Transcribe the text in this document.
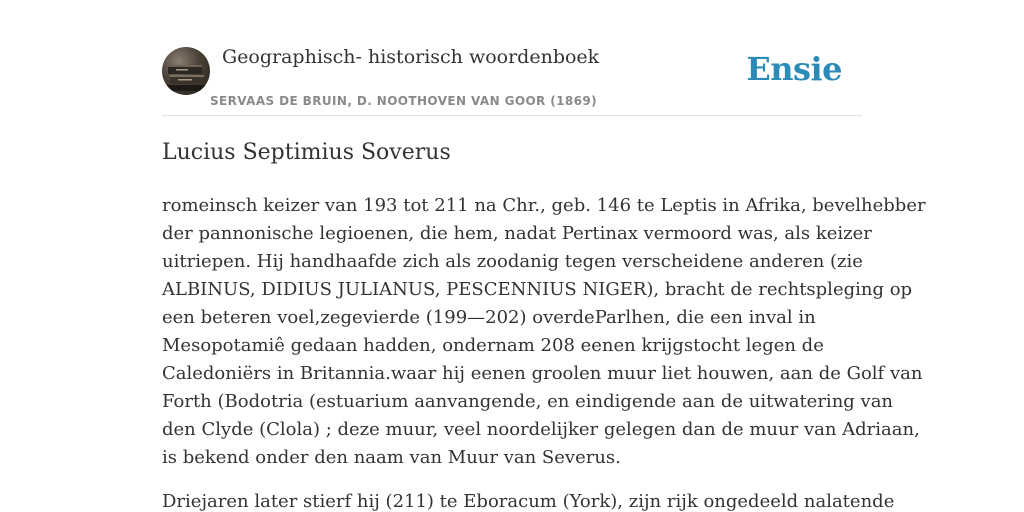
Geographisch- historisch woordenboek
SERVAAS DE BRUIN, D. NOOTHOVEN VAN GOOR (1869)
Ensie
Lucius Septimius Soverus

romeinsch keizer van 193 tot 211 na Chr., geb. 146 te Leptis in Afrika, bevelhebber
der pannonische legioenen, die hem, nadat Pertinax vermoord was, als keizer
uitriepen. Hij handhaafde zich als zoodanig tegen verscheidene anderen (zie
ALBINUS, DIDIUS JULIANUS, PESCENNIUS NIGER), bracht de rechtspleging op
een beteren voel,zegevierde (199—202) overdeParlhen, die een inval in
Mesopotamiê gedaan hadden, ondernam 208 eenen krijgstocht legen de
Caledoniërs in Britannia.waar hij eenen groolen muur liet houwen, aan de Golf van
Forth (Bodotria (estuarium aanvangende, en eindigende aan de uitwatering van
den Clyde (Clola) ; deze muur, veel noordelijker gelegen dan de muur van Adriaan,
is bekend onder den naam van Muur van Severus.

Driejaren later stierf hij (211) te Eboracum (York), zijn rijk ongedeeld nalatende
